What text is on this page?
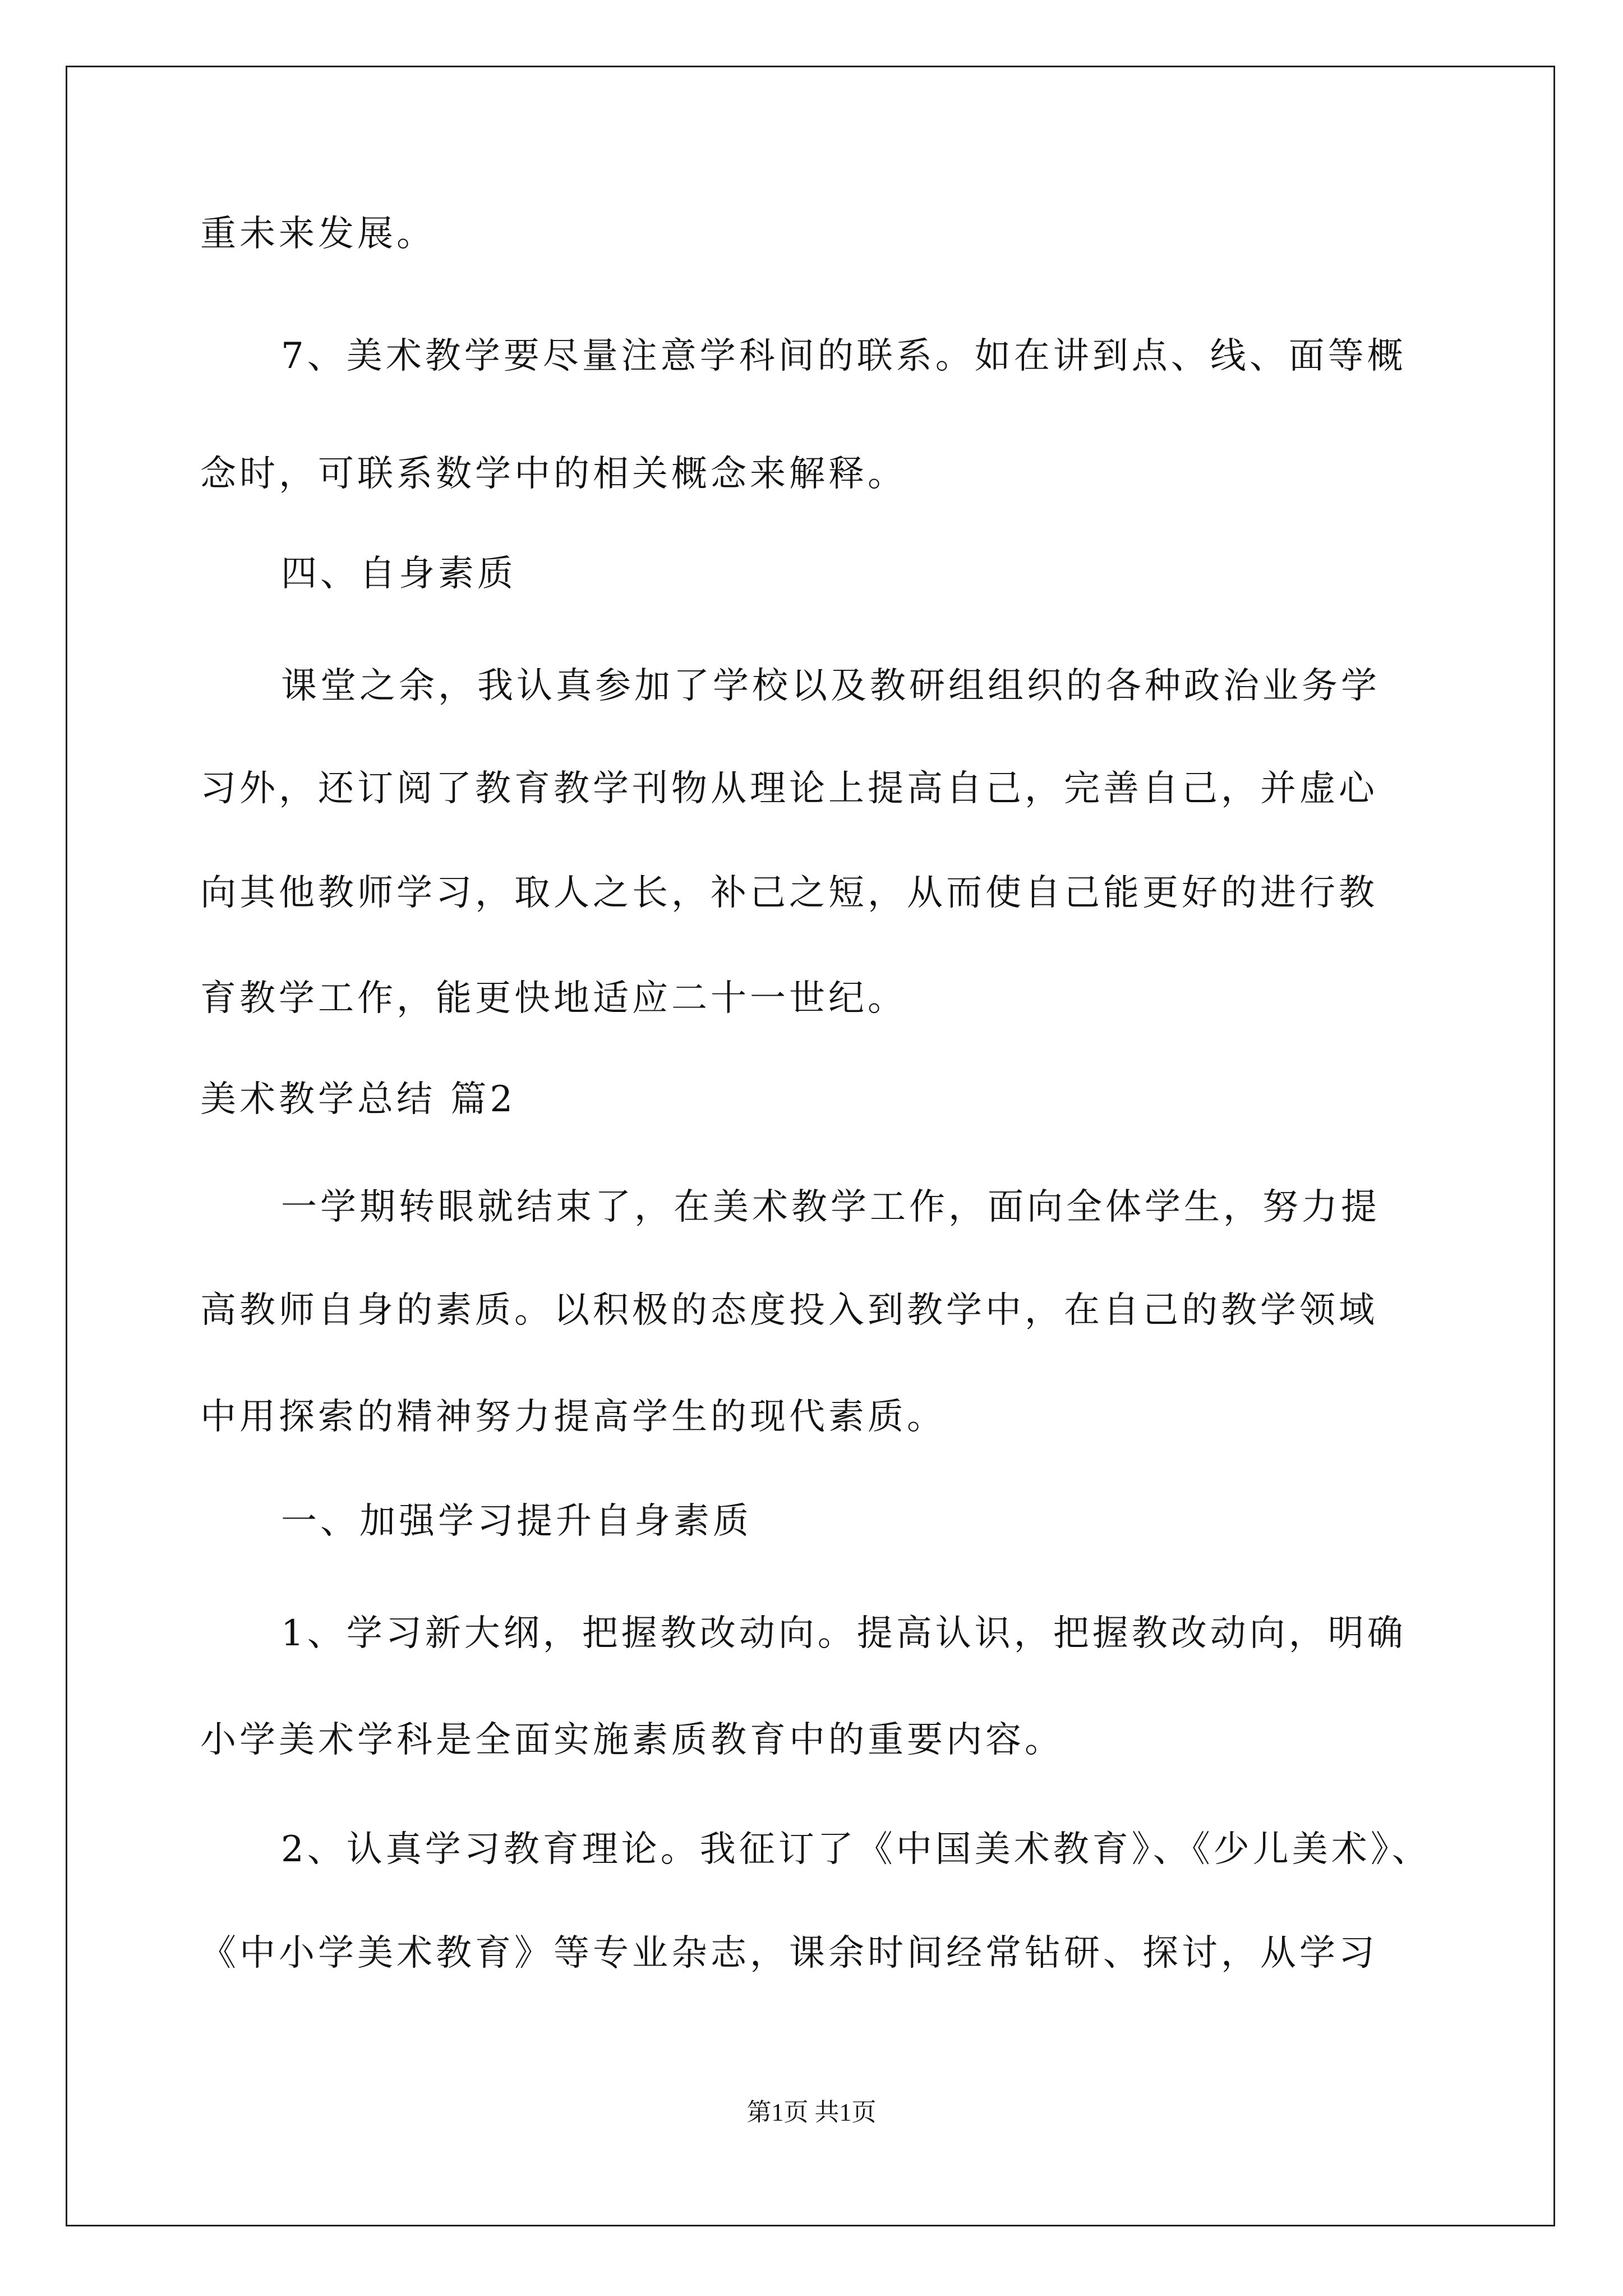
重未来发展。
7、美术教学要尽量注意学科间的联系。如在讲到点、线、面等概
念时，可联系数学中的相关概念来解释。
四、自身素质
课堂之余，我认真参加了学校以及教研组组织的各种政治业务学
习外，还订阅了教育教学刊物从理论上提高自己，完善自己，并虚心
向其他教师学习，取人之长，补己之短，从而使自己能更好的进行教
育教学工作，能更快地适应二十一世纪。
美术教学总结 篇2
一学期转眼就结束了，在美术教学工作，面向全体学生，努力提
高教师自身的素质。以积极的态度投入到教学中，在自己的教学领域
中用探索的精神努力提高学生的现代素质。
一、加强学习提升自身素质
1、学习新大纲，把握教改动向。提高认识，把握教改动向，明确
小学美术学科是全面实施素质教育中的重要内容。
2、认真学习教育理论。我征订了《中国美术教育》、《少儿美术》、
《中小学美术教育》等专业杂志，课余时间经常钻研、探讨，从学习
第1页 共1页
